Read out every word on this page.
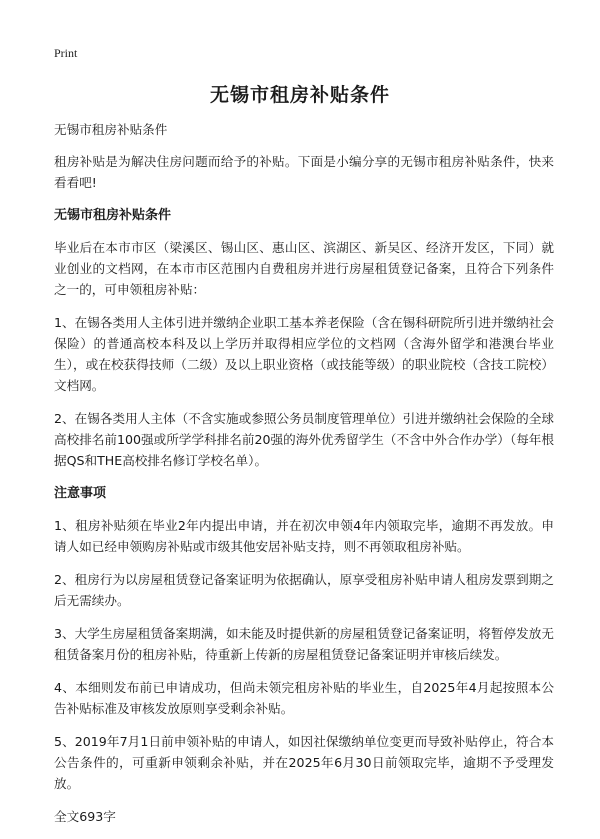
Print
无锡市租房补贴条件

无锡市租房补贴条件

租房补贴是为解决住房问题而给予的补贴。下面是小编分享的无锡市租房补贴条件，快来看看吧!

无锡市租房补贴条件

毕业后在本市市区（梁溪区、锡山区、惠山区、滨湖区、新吴区、经济开发区，下同）就业创业的文档网，在本市市区范围内自费租房并进行房屋租赁登记备案，且符合下列条件之一的，可申领租房补贴：

1、在锡各类用人主体引进并缴纳企业职工基本养老保险（含在锡科研院所引进并缴纳社会保险）的普通高校本科及以上学历并取得相应学位的文档网（含海外留学和港澳台毕业生），或在校获得技师（二级）及以上职业资格（或技能等级）的职业院校（含技工院校）文档网。

2、在锡各类用人主体（不含实施或参照公务员制度管理单位）引进并缴纳社会保险的全球高校排名前100强或所学学科排名前20强的海外优秀留学生（不含中外合作办学）（每年根据QS和THE高校排名修订学校名单）。

注意事项

1、租房补贴须在毕业2年内提出申请，并在初次申领4年内领取完毕，逾期不再发放。申请人如已经申领购房补贴或市级其他安居补贴支持，则不再领取租房补贴。

2、租房行为以房屋租赁登记备案证明为依据确认，原享受租房补贴申请人租房发票到期之后无需续办。

3、大学生房屋租赁备案期满，如未能及时提供新的房屋租赁登记备案证明，将暂停发放无租赁备案月份的租房补贴，待重新上传新的房屋租赁登记备案证明并审核后续发。

4、本细则发布前已申请成功，但尚未领完租房补贴的毕业生，自2025年4月起按照本公告补贴标准及审核发放原则享受剩余补贴。

5、2019年7月1日前申领补贴的申请人，如因社保缴纳单位变更而导致补贴停止，符合本公告条件的，可重新申领剩余补贴，并在2025年6月30日前领取完毕，逾期不予受理发放。

全文693字
